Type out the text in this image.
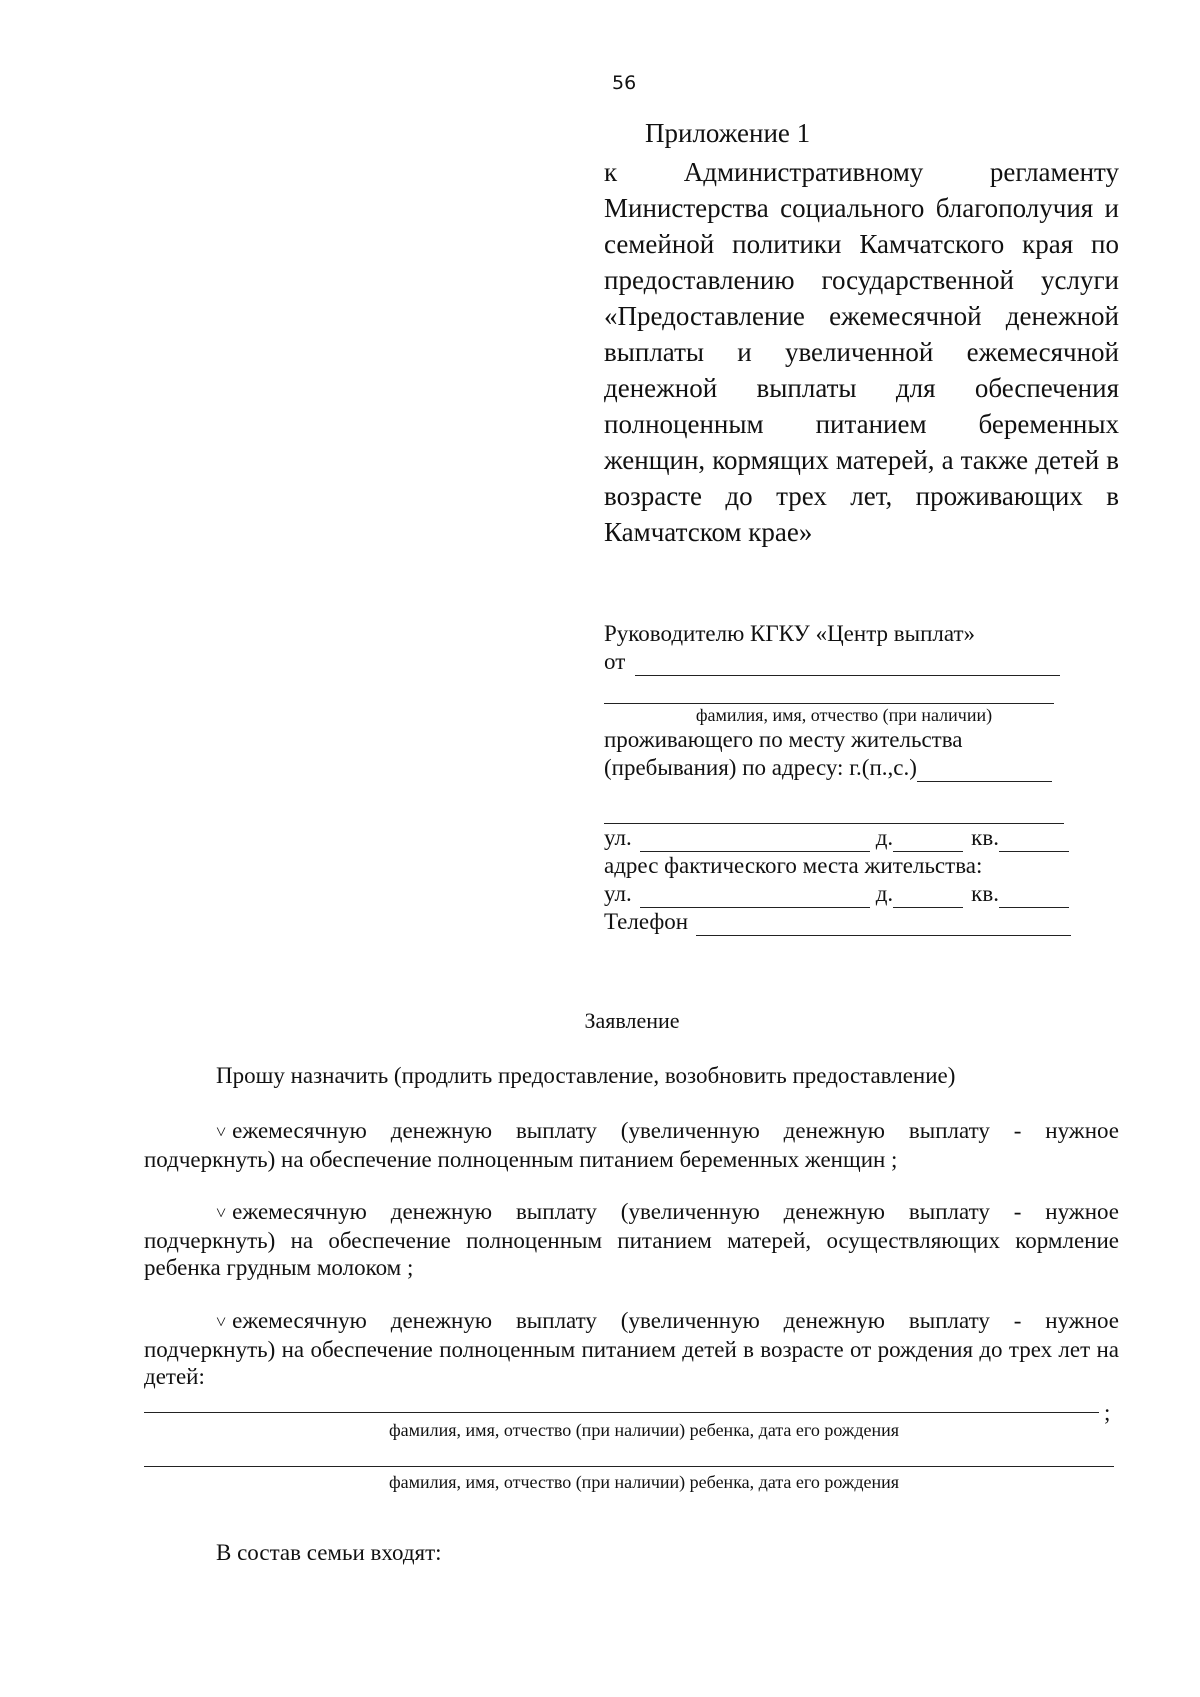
56
Приложение 1
к Административному регламенту Министерства социального благополучия и семейной политики Камчатского края по предоставлению государственной услуги «Предоставление ежемесячной денежной выплаты и увеличенной ежемесячной денежной выплаты для обеспечения полноценным питанием беременных женщин, кормящих матерей, а также детей в возрасте до трех лет, проживающих в Камчатском крае»
Руководителю КГКУ «Центр выплат»
от
фамилия, имя, отчество (при наличии)
проживающего по месту жительства
(пребывания) по адресу: г.(п.,с.)
ул.	д.	кв.
адрес фактического места жительства:
ул.	д.	кв.
Телефон
Заявление
Прошу назначить (продлить предоставление, возобновить предоставление)
˅ ежемесячную денежную выплату (увеличенную денежную выплату - нужное подчеркнуть) на обеспечение полноценным питанием беременных женщин ;
˅ ежемесячную денежную выплату (увеличенную денежную выплату - нужное подчеркнуть) на обеспечение полноценным питанием матерей, осуществляющих кормление ребенка грудным молоком ;
˅ ежемесячную денежную выплату (увеличенную денежную выплату - нужное подчеркнуть) на обеспечение полноценным питанием детей в возрасте от рождения до трех лет на детей:
;
фамилия, имя, отчество (при наличии) ребенка, дата его рождения
фамилия, имя, отчество (при наличии) ребенка, дата его рождения
В состав семьи входят:
